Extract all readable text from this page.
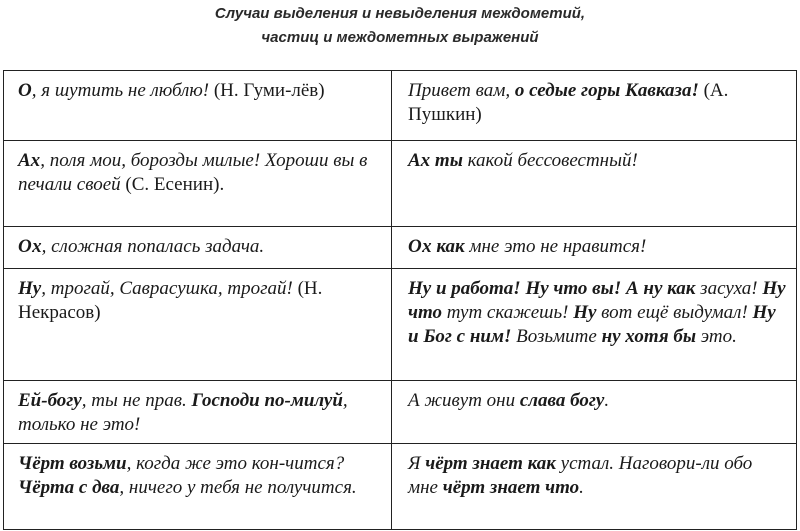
Случаи выделения и невыделения междометий,
частиц и междометных выражений
О, я шутить не люблю! (Н. Гуми-лёв)	Привет вам, о седые горы Кавказа! (А. Пушкин)
Ах, поля мои, борозды милые! Хороши вы в печали своей (С. Есенин).	Ах ты какой бессовестный!
Ох, сложная попалась задача.	Ох как мне это не нравится!
Ну, трогай, Саврасушка, трогай! (Н. Некрасов)	Ну и работа! Ну что вы! А ну как засуха! Ну что тут скажешь! Ну вот ещё выдумал! Ну и Бог с ним! Возьмите ну хотя бы это.
Ей-богу, ты не прав. Господи по-милуй, только не это!	А живут они слава богу.
Чёрт возьми, когда же это кон-чится? Чёрта с два, ничего у тебя не получится.	Я чёрт знает как устал. Наговори-ли обо мне чёрт знает что.
